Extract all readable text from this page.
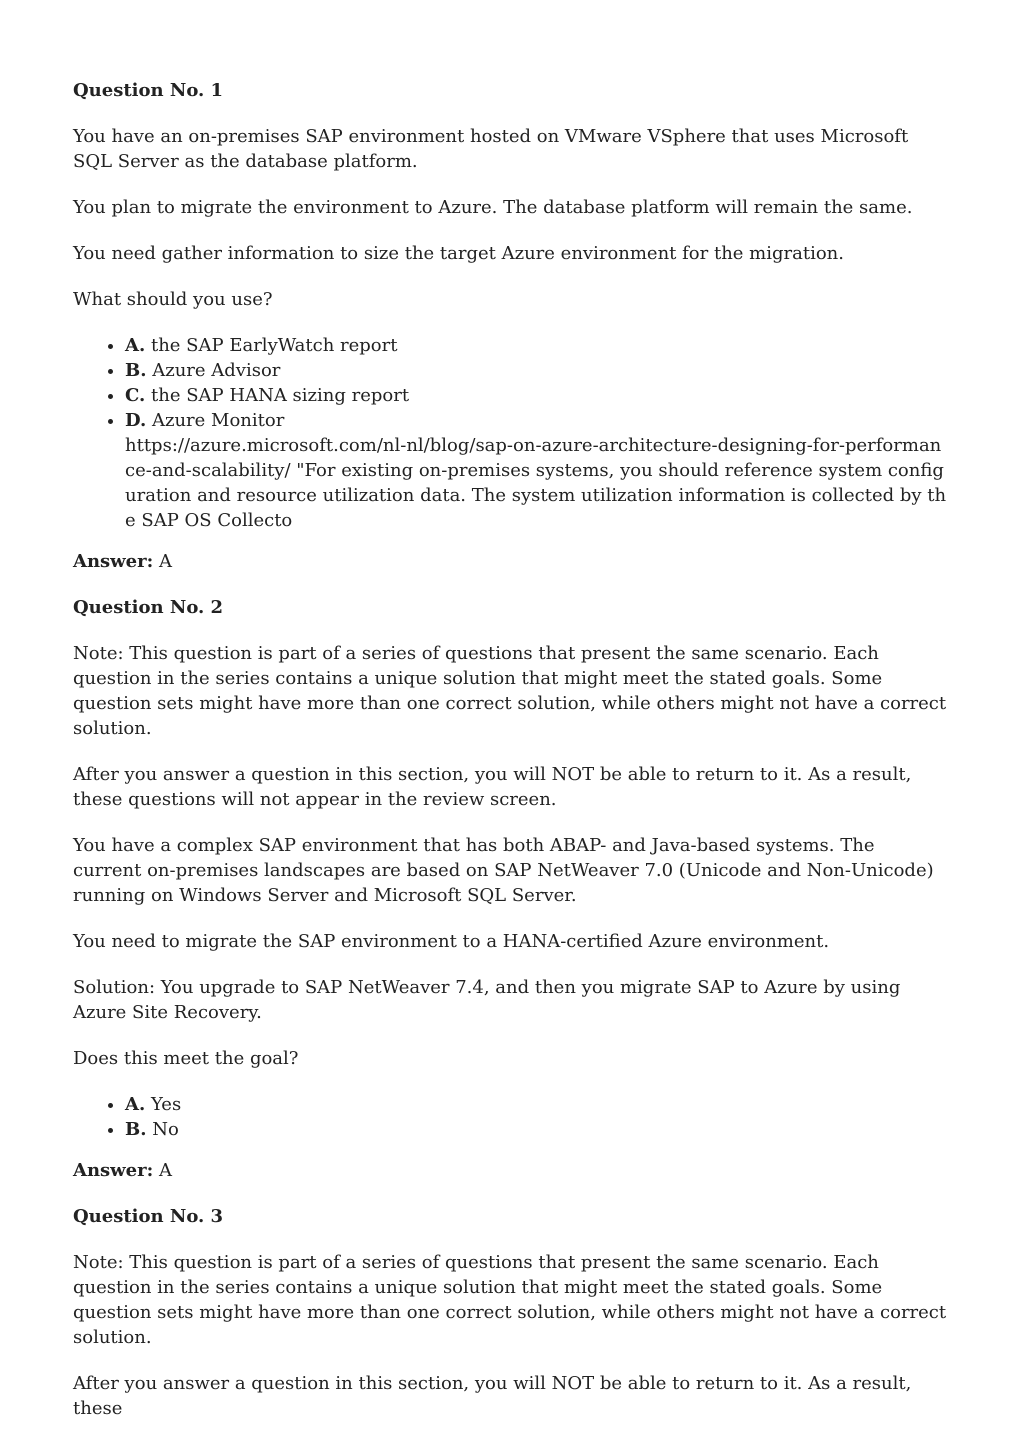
Question No. 1

You have an on-premises SAP environment hosted on VMware VSphere that uses Microsoft SQL Server as the database platform.

You plan to migrate the environment to Azure. The database platform will remain the same.

You need gather information to size the target Azure environment for the migration.

What should you use?

• A. the SAP EarlyWatch report
• B. Azure Advisor
• C. the SAP HANA sizing report
• D. Azure Monitor
https://azure.microsoft.com/nl-nl/blog/sap-on-azure-architecture-designing-for-performance-and-scalability/ "For existing on-premises systems, you should reference system configuration and resource utilization data. The system utilization information is collected by the SAP OS Collecto
Answer: A
Question No. 2

Note: This question is part of a series of questions that present the same scenario. Each question in the series contains a unique solution that might meet the stated goals. Some question sets might have more than one correct solution, while others might not have a correct solution.

After you answer a question in this section, you will NOT be able to return to it. As a result, these questions will not appear in the review screen.

You have a complex SAP environment that has both ABAP- and Java-based systems. The current on-premises landscapes are based on SAP NetWeaver 7.0 (Unicode and Non-Unicode) running on Windows Server and Microsoft SQL Server.

You need to migrate the SAP environment to a HANA-certified Azure environment.

Solution: You upgrade to SAP NetWeaver 7.4, and then you migrate SAP to Azure by using Azure Site Recovery.

Does this meet the goal?

• A. Yes
• B. No
Answer: A
Question No. 3

Note: This question is part of a series of questions that present the same scenario. Each question in the series contains a unique solution that might meet the stated goals. Some question sets might have more than one correct solution, while others might not have a correct solution.

After you answer a question in this section, you will NOT be able to return to it. As a result, these
